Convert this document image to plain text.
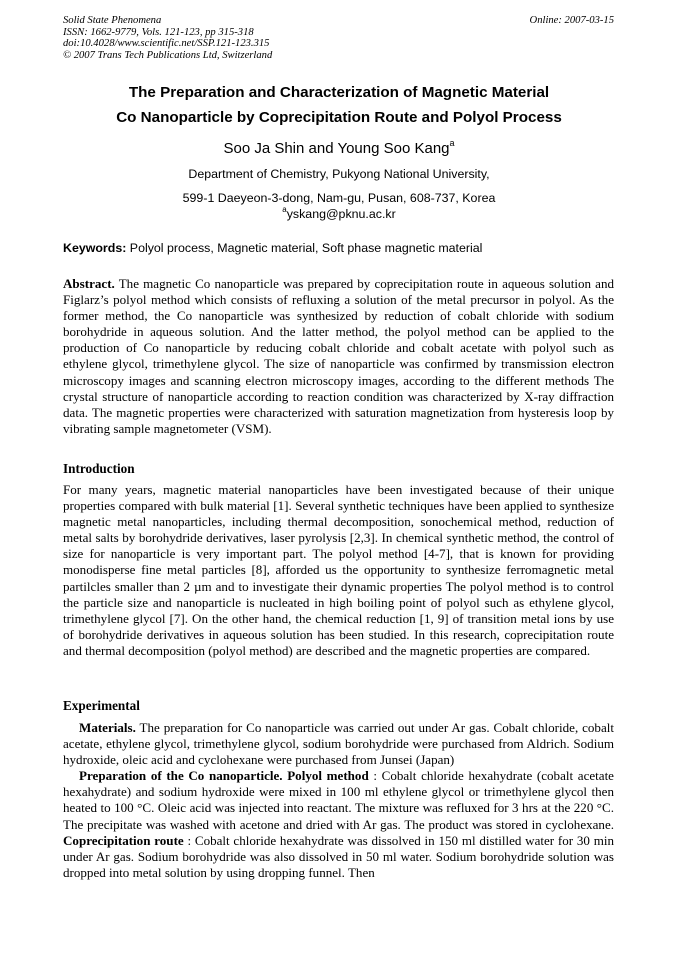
Solid State Phenomena
ISSN: 1662-9779, Vols. 121-123, pp 315-318
doi:10.4028/www.scientific.net/SSP.121-123.315
© 2007 Trans Tech Publications Ltd, Switzerland
Online: 2007-03-15
The Preparation and Characterization of Magnetic Material
Co Nanoparticle by Coprecipitation Route and Polyol Process
Soo Ja Shin and Young Soo Kang$^a$
Department of Chemistry, Pukyong National University,
599-1 Daeyeon-3-dong, Nam-gu, Pusan, 608-737, Korea
$^a$yskang@pknu.ac.kr
Keywords: Polyol process, Magnetic material, Soft phase magnetic material
Abstract. The magnetic Co nanoparticle was prepared by coprecipitation route in aqueous solution and Figlarz’s polyol method which consists of refluxing a solution of the metal precursor in polyol. As the former method, the Co nanoparticle was synthesized by reduction of cobalt chloride with sodium borohydride in aqueous solution. And the latter method, the polyol method can be applied to the production of Co nanoparticle by reducing cobalt chloride and cobalt acetate with polyol such as ethylene glycol, trimethylene glycol. The size of nanoparticle was confirmed by transmission electron microscopy images and scanning electron microscopy images, according to the different methods The crystal structure of nanoparticle according to reaction condition was characterized by X-ray diffraction data. The magnetic properties were characterized with saturation magnetization from hysteresis loop by vibrating sample magnetometer (VSM).
Introduction
For many years, magnetic material nanoparticles have been investigated because of their unique properties compared with bulk material [1]. Several synthetic techniques have been applied to synthesize magnetic metal nanoparticles, including thermal decomposition, sonochemical method, reduction of metal salts by borohydride derivatives, laser pyrolysis [2,3]. In chemical synthetic method, the control of size for nanoparticle is very important part. The polyol method [4-7], that is known for providing monodisperse fine metal particles [8], afforded us the opportunity to synthesize ferromagnetic metal partilcles smaller than 2 µm and to investigate their dynamic properties The polyol method is to control the particle size and nanoparticle is nucleated in high boiling point of polyol such as ethylene glycol, trimethylene glycol [7]. On the other hand, the chemical reduction [1, 9] of transition metal ions by use of borohydride derivatives in aqueous solution has been studied. In this research, coprecipitation route and thermal decomposition (polyol method) are described and the magnetic properties are compared.
Experimental

Materials. The preparation for Co nanoparticle was carried out under Ar gas. Cobalt chloride, cobalt acetate, ethylene glycol, trimethylene glycol, sodium borohydride were purchased from Aldrich. Sodium hydroxide, oleic acid and cyclohexane were purchased from Junsei (Japan)

Preparation of the Co nanoparticle. Polyol method : Cobalt chloride hexahydrate (cobalt acetate hexahydrate) and sodium hydroxide were mixed in 100 ml ethylene glycol or trimethylene glycol then heated to 100 °C. Oleic acid was injected into reactant. The mixture was refluxed for 3 hrs at the 220 °C. The precipitate was washed with acetone and dried with Ar gas. The product was stored in cyclohexane. Coprecipitation route : Cobalt chloride hexahydrate was dissolved in 150 ml distilled water for 30 min under Ar gas. Sodium borohydride was also dissolved in 50 ml water. Sodium borohydride solution was dropped into metal solution by using dropping funnel. Then
